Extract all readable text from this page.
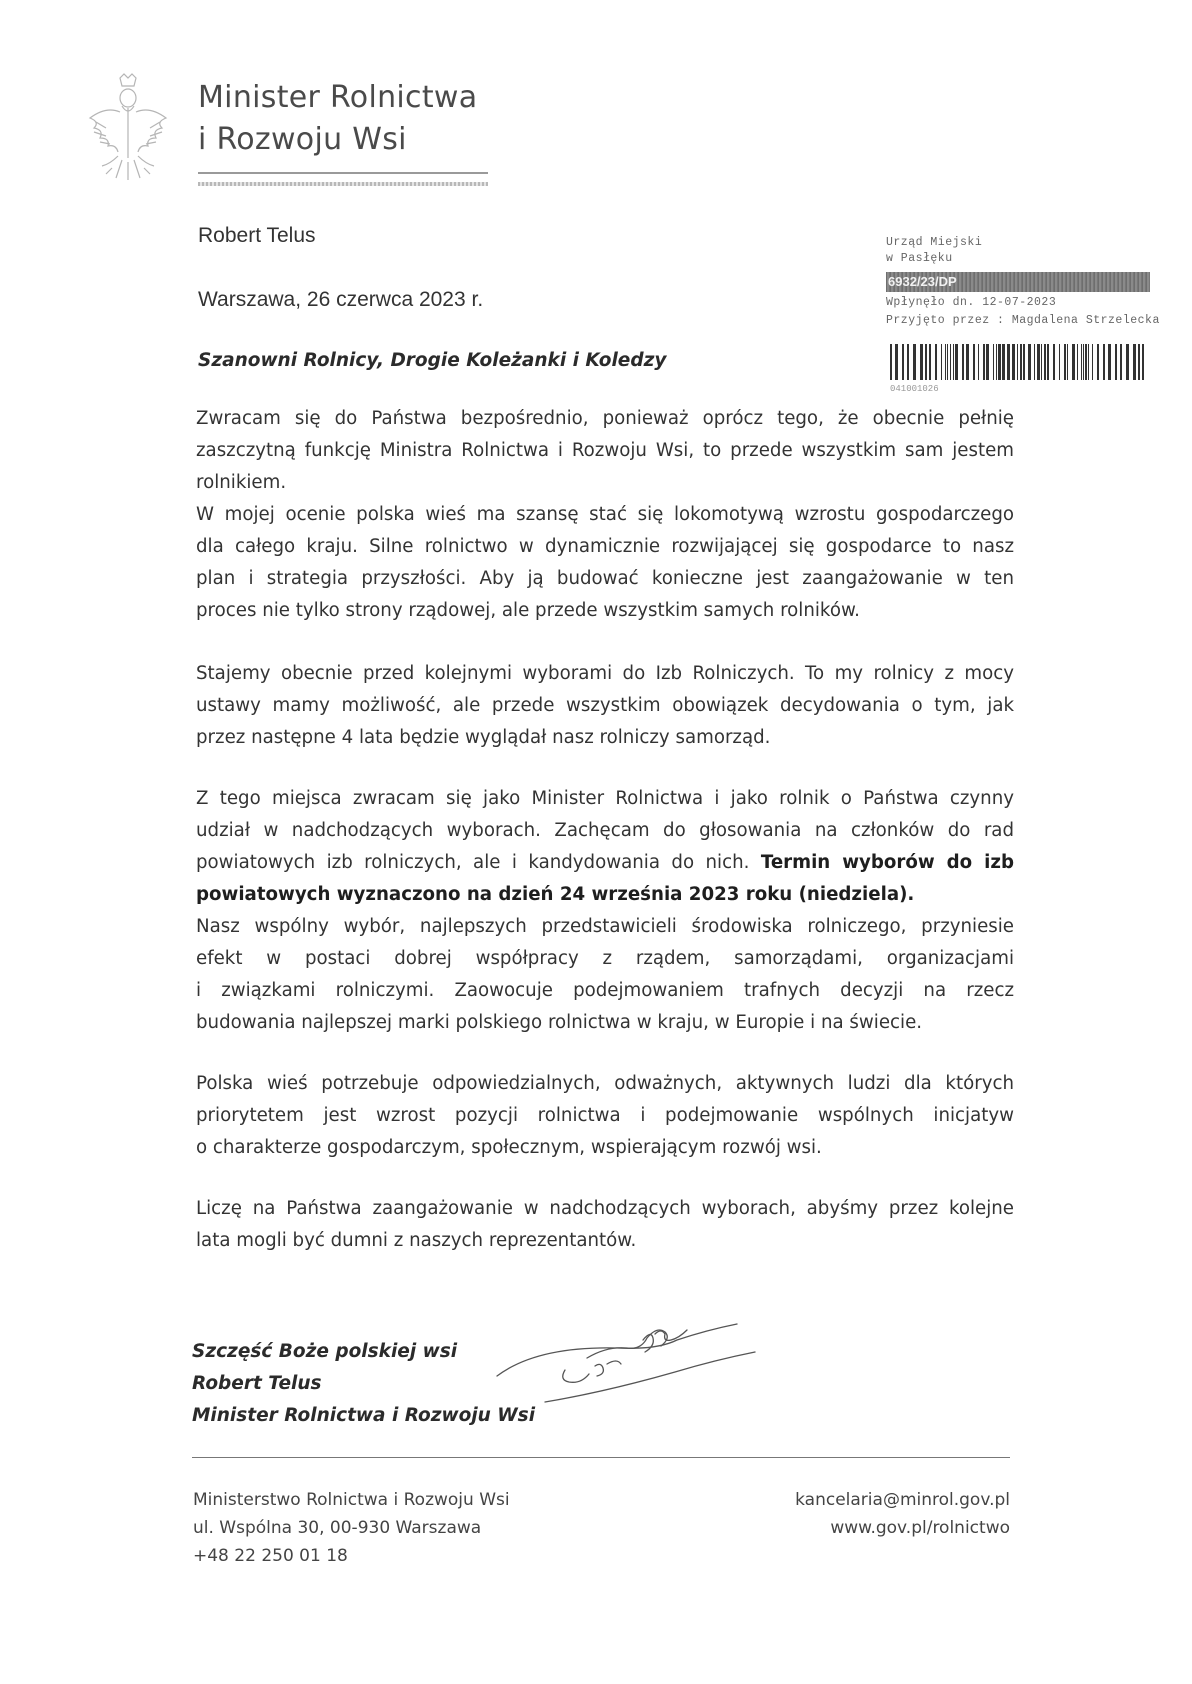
Minister Rolnictwa
i Rozwoju Wsi
Robert Telus
Warszawa, 26 czerwca 2023 r.
Urząd Miejski
w Pasłęku
6932/23/DP
Wpłynęło dn. 12-07-2023
Przyjęto przez : Magdalena Strzelecka
041001026
Szanowni Rolnicy, Drogie Koleżanki i Koledzy
Zwracam się do Państwa bezpośrednio, ponieważ oprócz tego, że obecnie pełnię
zaszczytną funkcję Ministra Rolnictwa i Rozwoju Wsi, to przede wszystkim sam jestem
rolnikiem.
W mojej ocenie polska wieś ma szansę stać się lokomotywą wzrostu gospodarczego
dla całego kraju. Silne rolnictwo w dynamicznie rozwijającej się gospodarce to nasz
plan i strategia przyszłości. Aby ją budować konieczne jest zaangażowanie w ten
proces nie tylko strony rządowej, ale przede wszystkim samych rolników.
Stajemy obecnie przed kolejnymi wyborami do Izb Rolniczych. To my rolnicy z mocy
ustawy mamy możliwość, ale przede wszystkim obowiązek decydowania o tym, jak
przez następne 4 lata będzie wyglądał nasz rolniczy samorząd.
Z tego miejsca zwracam się jako Minister Rolnictwa i jako rolnik o Państwa czynny
udział w nadchodzących wyborach. Zachęcam do głosowania na członków do rad
powiatowych izb rolniczych, ale i kandydowania do nich. Termin wyborów do izb
powiatowych wyznaczono na dzień 24 września 2023 roku (niedziela).
Nasz wspólny wybór, najlepszych przedstawicieli środowiska rolniczego, przyniesie
efekt w postaci dobrej współpracy z rządem, samorządami, organizacjami
i związkami rolniczymi. Zaowocuje podejmowaniem trafnych decyzji na rzecz
budowania najlepszej marki polskiego rolnictwa w kraju, w Europie i na świecie.
Polska wieś potrzebuje odpowiedzialnych, odważnych, aktywnych ludzi dla których
priorytetem jest wzrost pozycji rolnictwa i podejmowanie wspólnych inicjatyw
o charakterze gospodarczym, społecznym, wspierającym rozwój wsi.
Liczę na Państwa zaangażowanie w nadchodzących wyborach, abyśmy przez kolejne
lata mogli być dumni z naszych reprezentantów.
Szczęść Boże polskiej wsi
Robert Telus
Minister Rolnictwa i Rozwoju Wsi
Ministerstwo Rolnictwa i Rozwoju Wsi
ul. Wspólna 30, 00-930 Warszawa
+48 22 250 01 18
kancelaria@minrol.gov.pl
www.gov.pl/rolnictwo
